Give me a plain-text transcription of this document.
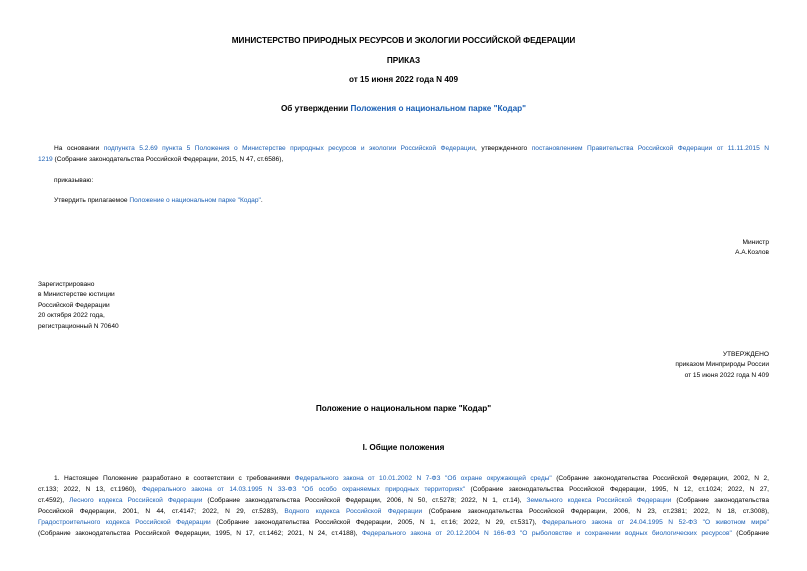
МИНИСТЕРСТВО ПРИРОДНЫХ РЕСУРСОВ И ЭКОЛОГИИ РОССИЙСКОЙ ФЕДЕРАЦИИ
ПРИКАЗ
от 15 июня 2022 года N 409
Об утверждении Положения о национальном парке "Кодар"
На основании подпункта 5.2.69 пункта 5 Положения о Министерстве природных ресурсов и экологии Российской Федерации, утвержденного постановлением Правительства Российской Федерации от 11.11.2015 N
1219 (Собрание законодательства Российской Федерации, 2015, N 47, ст.6586),
приказываю:
Утвердить прилагаемое Положение о национальном парке "Кодар".
Министр
А.А.Козлов
Зарегистрировано
в Министерстве юстиции
Российской Федерации
20 октября 2022 года,
регистрационный N 70640
УТВЕРЖДЕНО
приказом Минприроды России
от 15 июня 2022 года N 409
Положение о национальном парке "Кодар"
I. Общие положения
1. Настоящее Положение разработано в соответствии с требованиями Федерального закона от 10.01.2002 N 7-ФЗ "Об охране окружающей среды" (Собрание законодательства Российской Федерации, 2002, N 2,
ст.133; 2022, N 13, ст.1960), Федерального закона от 14.03.1995 N 33-ФЗ "Об особо охраняемых природных территориях" (Собрание законодательства Российской Федерации, 1995, N 12, ст.1024; 2022, N 27,
ст.4592), Лесного кодекса Российской Федерации (Собрание законодательства Российской Федерации, 2006, N 50, ст.5278; 2022, N 1, ст.14), Земельного кодекса Российской Федерации (Собрание законодательства
Российской Федерации, 2001, N 44, ст.4147; 2022, N 29, ст.5283), Водного кодекса Российской Федерации (Собрание законодательства Российской Федерации, 2006, N 23, ст.2381; 2022, N 18, ст.3008),
Градостроительного кодекса Российской Федерации (Собрание законодательства Российской Федерации, 2005, N 1, ст.16; 2022, N 29, ст.5317), Федерального закона от 24.04.1995 N 52-ФЗ "О животном мире"
(Собрание законодательства Российской Федерации, 1995, N 17, ст.1462; 2021, N 24, ст.4188), Федерального закона от 20.12.2004 N 166-ФЗ "О рыболовстве и сохранении водных биологических ресурсов" (Собрание
